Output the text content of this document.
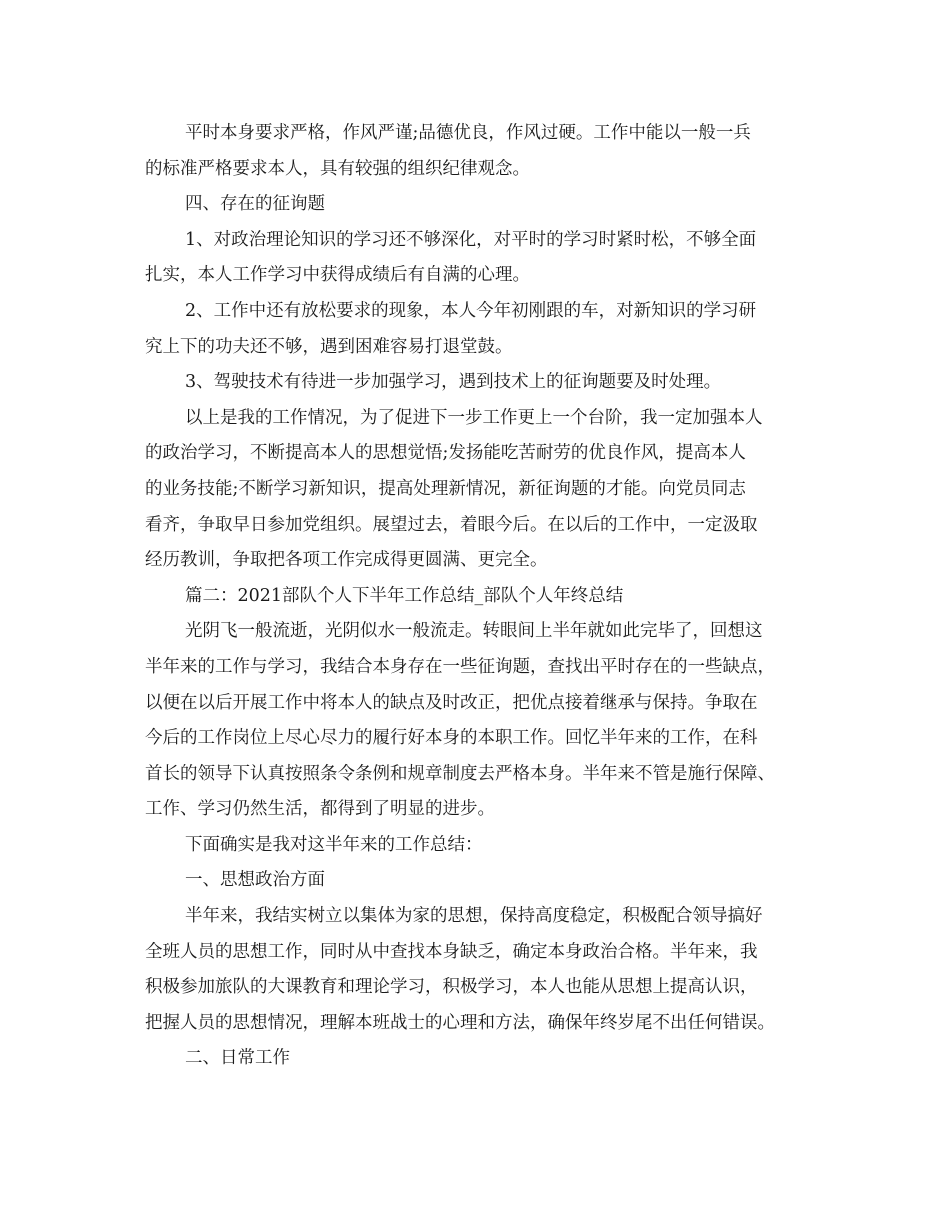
平时本身要求严格，作风严谨;品德优良，作风过硬。工作中能以一般一兵
的标准严格要求本人，具有较强的组织纪律观念。
四、存在的征询题
1、对政治理论知识的学习还不够深化，对平时的学习时紧时松，不够全面
扎实，本人工作学习中获得成绩后有自满的心理。
2、工作中还有放松要求的现象，本人今年初刚跟的车，对新知识的学习研
究上下的功夫还不够，遇到困难容易打退堂鼓。
3、驾驶技术有待进一步加强学习，遇到技术上的征询题要及时处理。
以上是我的工作情况，为了促进下一步工作更上一个台阶，我一定加强本人
的政治学习，不断提高本人的思想觉悟;发扬能吃苦耐劳的优良作风，提高本人
的业务技能;不断学习新知识，提高处理新情况，新征询题的才能。向党员同志
看齐，争取早日参加党组织。展望过去，着眼今后。在以后的工作中，一定汲取
经历教训，争取把各项工作完成得更圆满、更完全。
篇二：2021部队个人下半年工作总结_部队个人年终总结
光阴飞一般流逝，光阴似水一般流走。转眼间上半年就如此完毕了，回想这
半年来的工作与学习，我结合本身存在一些征询题，查找出平时存在的一些缺点，
以便在以后开展工作中将本人的缺点及时改正，把优点接着继承与保持。争取在
今后的工作岗位上尽心尽力的履行好本身的本职工作。回忆半年来的工作，在科
首长的领导下认真按照条令条例和规章制度去严格本身。半年来不管是施行保障、
工作、学习仍然生活，都得到了明显的进步。
下面确实是我对这半年来的工作总结：
一、思想政治方面
半年来，我结实树立以集体为家的思想，保持高度稳定，积极配合领导搞好
全班人员的思想工作，同时从中查找本身缺乏，确定本身政治合格。半年来，我
积极参加旅队的大课教育和理论学习，积极学习，本人也能从思想上提高认识，
把握人员的思想情况，理解本班战士的心理和方法，确保年终岁尾不出任何错误。
二、日常工作
